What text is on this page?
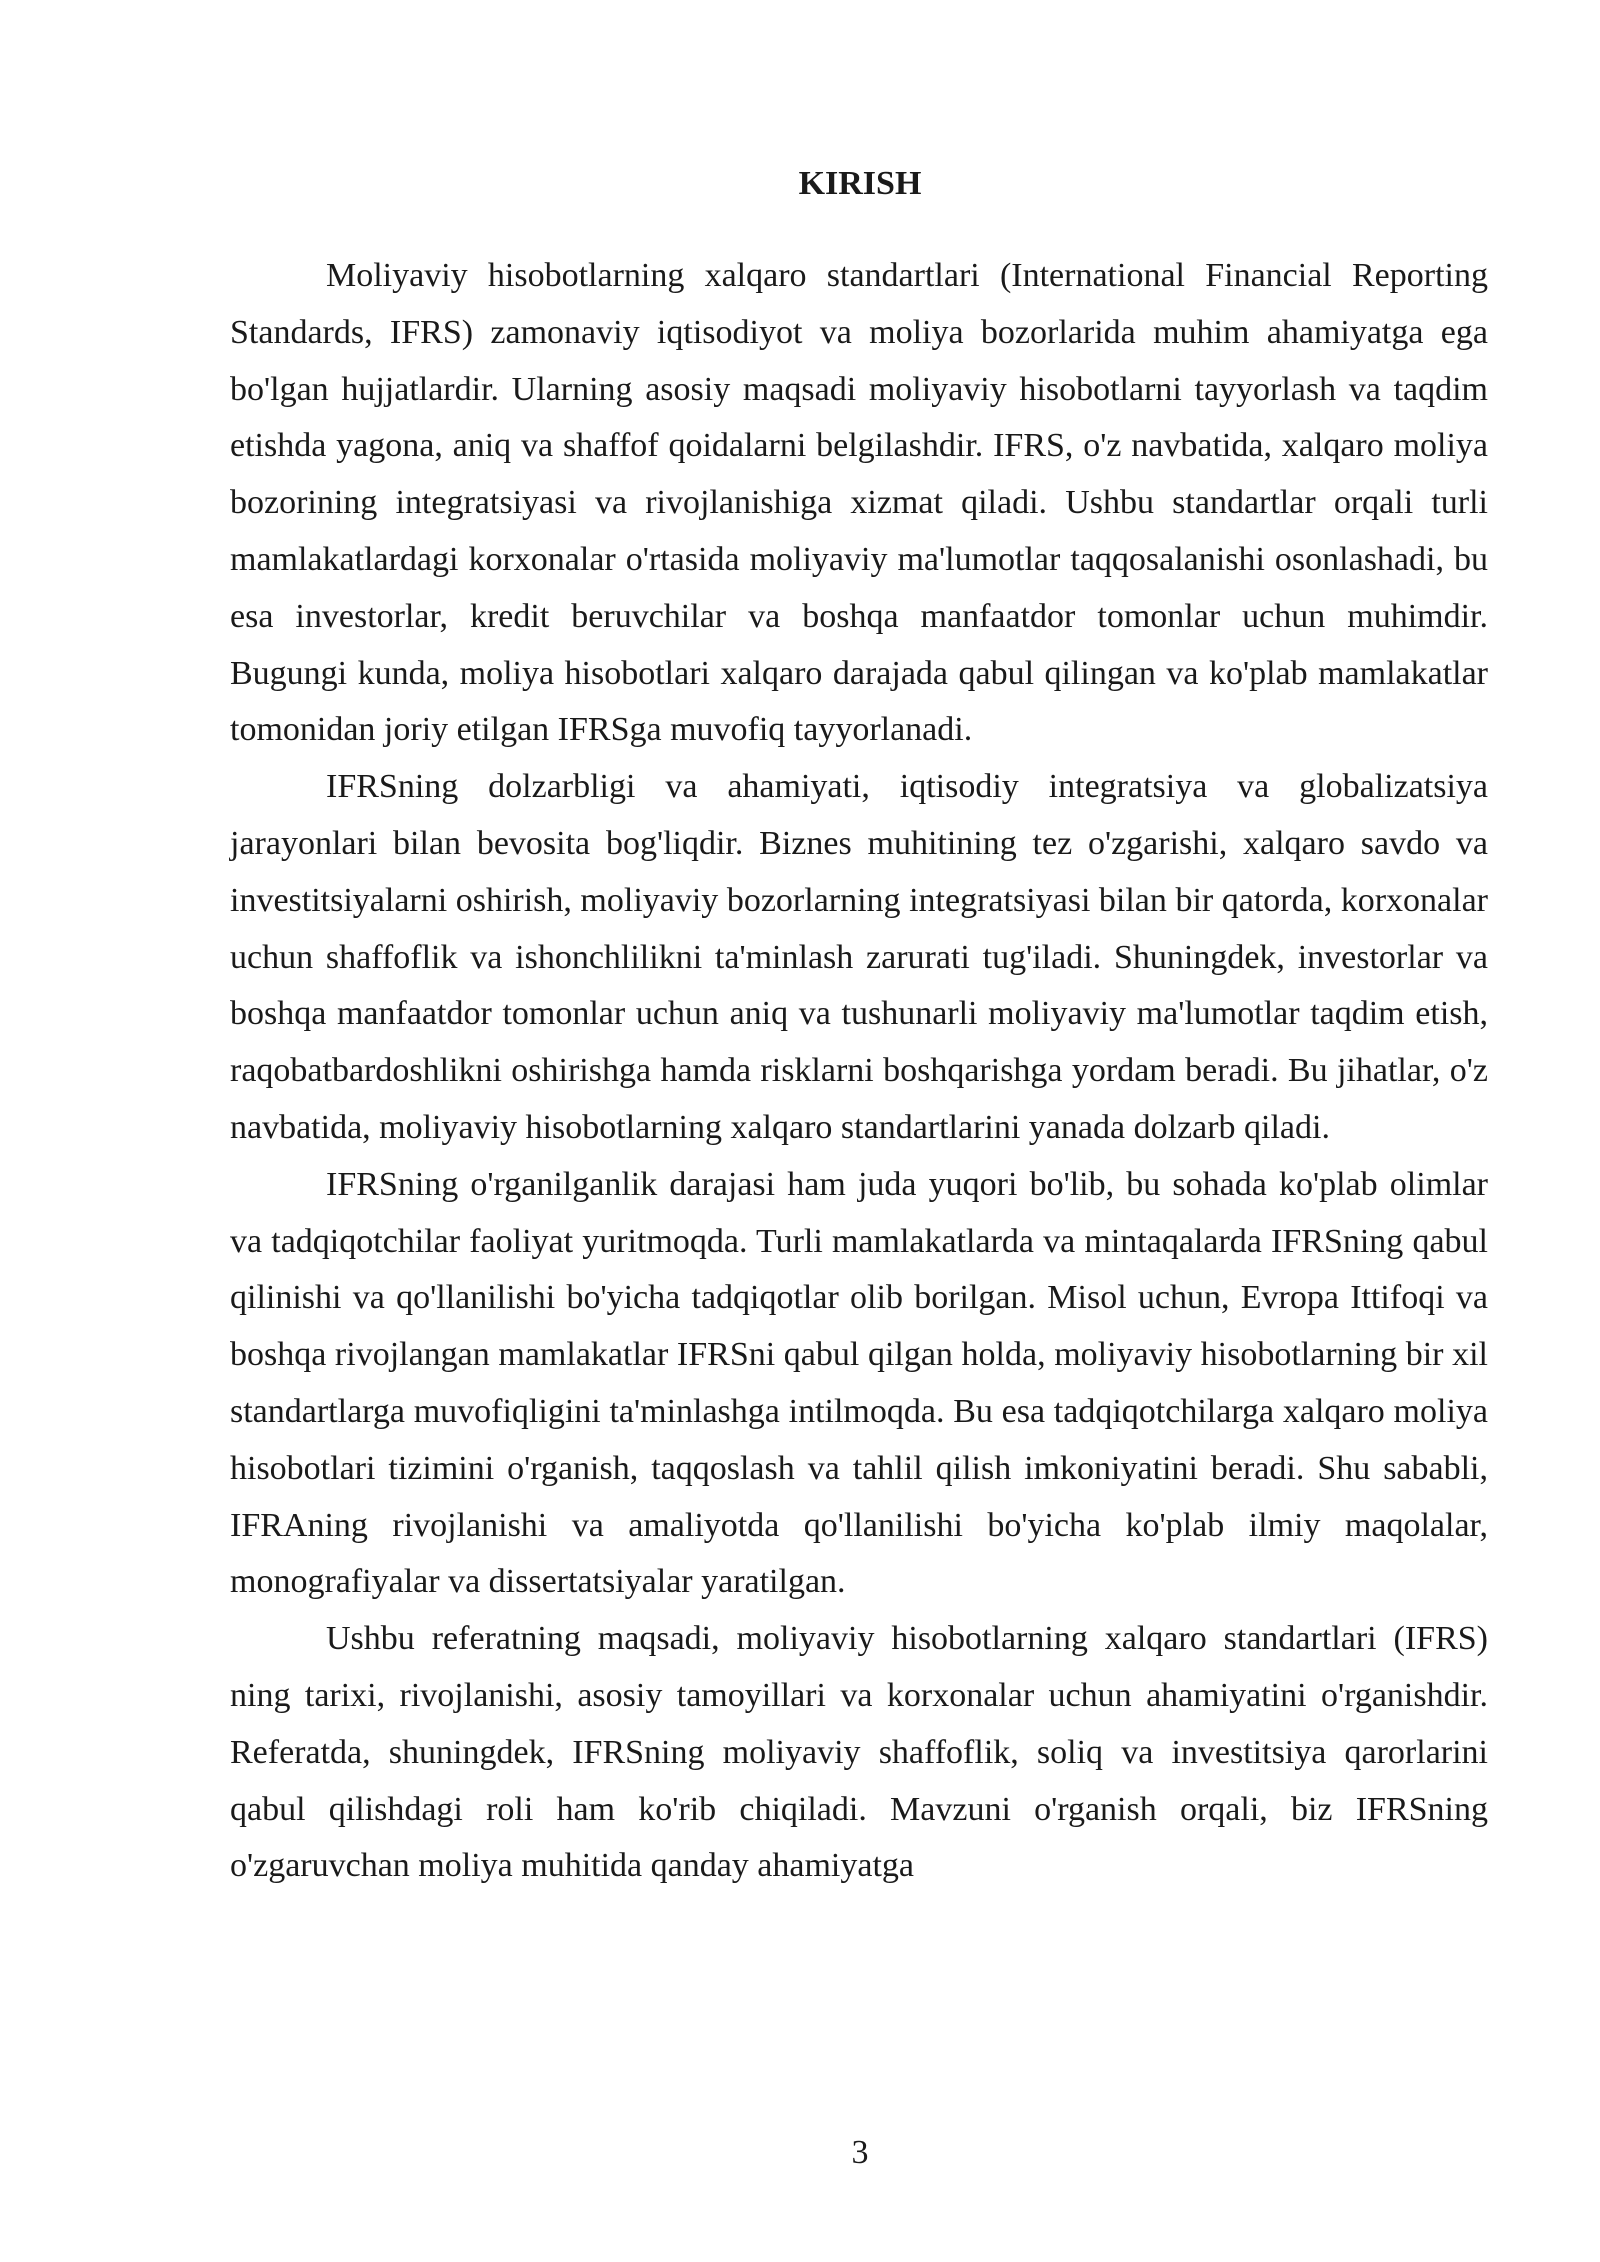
KIRISH

Moliyaviy hisobotlarning xalqaro standartlari (International Financial Reporting Standards, IFRS) zamonaviy iqtisodiyot va moliya bozorlarida muhim ahamiyatga ega bo'lgan hujjatlardir. Ularning asosiy maqsadi moliyaviy hisobotlarni tayyorlash va taqdim etishda yagona, aniq va shaffof qoidalarni belgilashdir. IFRS, o'z navbatida, xalqaro moliya bozorining integratsiyasi va rivojlanishiga xizmat qiladi. Ushbu standartlar orqali turli mamlakatlardagi korxonalar o'rtasida moliyaviy ma'lumotlar taqqosalanishi osonlashadi, bu esa investorlar, kredit beruvchilar va boshqa manfaatdor tomonlar uchun muhimdir. Bugungi kunda, moliya hisobotlari xalqaro darajada qabul qilingan va ko'plab mamlakatlar tomonidan joriy etilgan IFRSga muvofiq tayyorlanadi.

IFRSning dolzarbligi va ahamiyati, iqtisodiy integratsiya va globalizatsiya jarayonlari bilan bevosita bog'liqdir. Biznes muhitining tez o'zgarishi, xalqaro savdo va investitsiyalarni oshirish, moliyaviy bozorlarning integratsiyasi bilan bir qatorda, korxonalar uchun shaffoflik va ishonchlilikni ta'minlash zarurati tug'iladi. Shuningdek, investorlar va boshqa manfaatdor tomonlar uchun aniq va tushunarli moliyaviy ma'lumotlar taqdim etish, raqobatbardoshlikni oshirishga hamda risklarni boshqarishga yordam beradi. Bu jihatlar, o'z navbatida, moliyaviy hisobotlarning xalqaro standartlarini yanada dolzarb qiladi.

IFRSning o'rganilganlik darajasi ham juda yuqori bo'lib, bu sohada ko'plab olimlar va tadqiqotchilar faoliyat yuritmoqda. Turli mamlakatlarda va mintaqalarda IFRSning qabul qilinishi va qo'llanilishi bo'yicha tadqiqotlar olib borilgan. Misol uchun, Evropa Ittifoqi va boshqa rivojlangan mamlakatlar IFRSni qabul qilgan holda, moliyaviy hisobotlarning bir xil standartlarga muvofiqligini ta'minlashga intilmoqda. Bu esa tadqiqotchilarga xalqaro moliya hisobotlari tizimini o'rganish, taqqoslash va tahlil qilish imkoniyatini beradi. Shu sababli, IFRAning rivojlanishi va amaliyotda qo'llanilishi bo'yicha ko'plab ilmiy maqolalar, monografiyalar va dissertatsiyalar yaratilgan.

Ushbu referatning maqsadi, moliyaviy hisobotlarning xalqaro standartlari (IFRS) ning tarixi, rivojlanishi, asosiy tamoyillari va korxonalar uchun ahamiyatini o'rganishdir. Referatda, shuningdek, IFRSning moliyaviy shaffoflik, soliq va investitsiya qarorlarini qabul qilishdagi roli ham ko'rib chiqiladi. Mavzuni o'rganish orqali, biz IFRSning o'zgaruvchan moliya muhitida qanday ahamiyatga

3
